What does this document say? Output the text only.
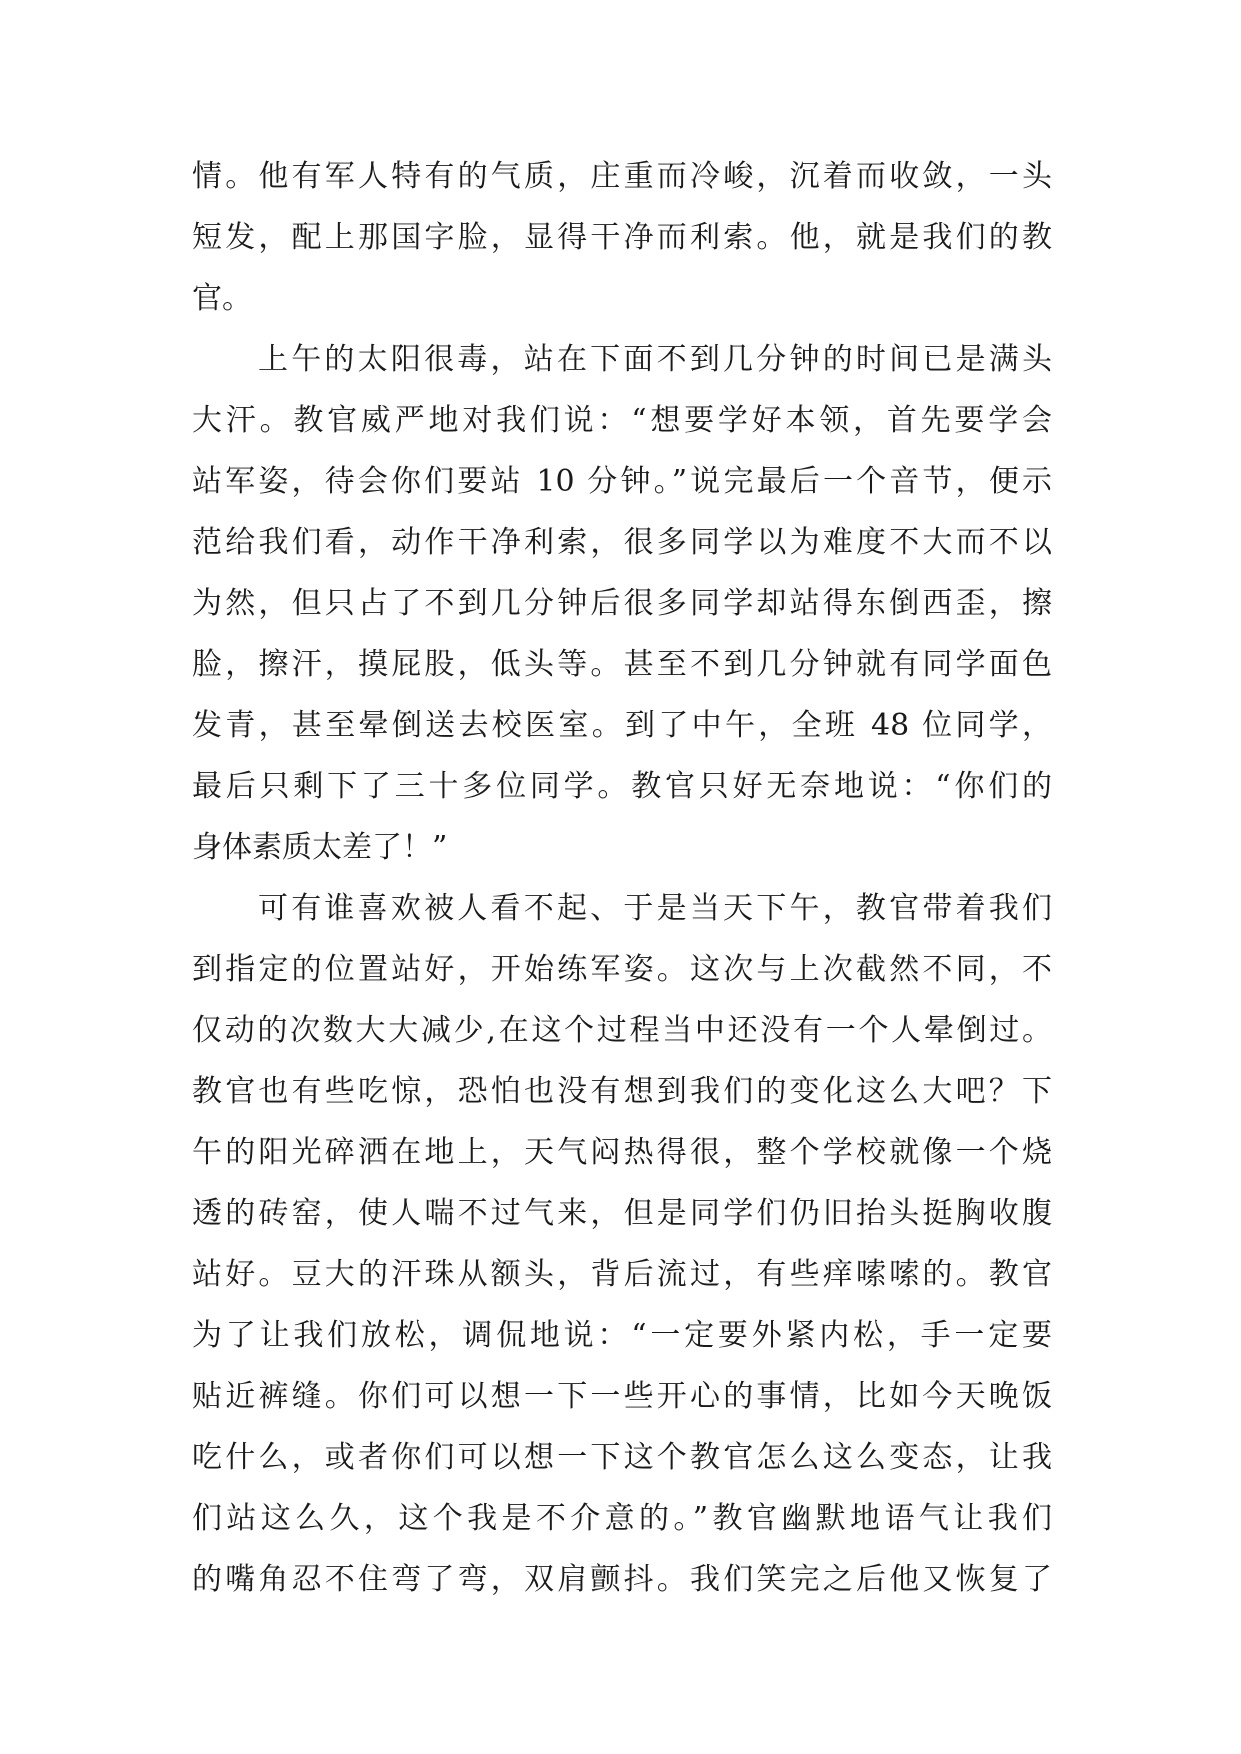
情。他有军人特有的气质，庄重而冷峻，沉着而收敛，一头
短发，配上那国字脸，显得干净而利索。他，就是我们的教
官。
上午的太阳很毒，站在下面不到几分钟的时间已是满头
大汗。教官威严地对我们说：“想要学好本领，首先要学会
站军姿，待会你们要站 10 分钟。”说完最后一个音节，便示
范给我们看，动作干净利索，很多同学以为难度不大而不以
为然，但只占了不到几分钟后很多同学却站得东倒西歪，擦
脸，擦汗，摸屁股，低头等。甚至不到几分钟就有同学面色
发青，甚至晕倒送去校医室。到了中午，全班 48 位同学，
最后只剩下了三十多位同学。教官只好无奈地说：“你们的
身体素质太差了！”
可有谁喜欢被人看不起、于是当天下午，教官带着我们
到指定的位置站好，开始练军姿。这次与上次截然不同，不
仅动的次数大大减少,在这个过程当中还没有一个人晕倒过。
教官也有些吃惊，恐怕也没有想到我们的变化这么大吧？下
午的阳光碎洒在地上，天气闷热得很，整个学校就像一个烧
透的砖窑，使人喘不过气来，但是同学们仍旧抬头挺胸收腹
站好。豆大的汗珠从额头，背后流过，有些痒嗦嗦的。教官
为了让我们放松，调侃地说：“一定要外紧内松，手一定要
贴近裤缝。你们可以想一下一些开心的事情，比如今天晚饭
吃什么，或者你们可以想一下这个教官怎么这么变态，让我
们站这么久，这个我是不介意的。”教官幽默地语气让我们
的嘴角忍不住弯了弯，双肩颤抖。我们笑完之后他又恢复了
